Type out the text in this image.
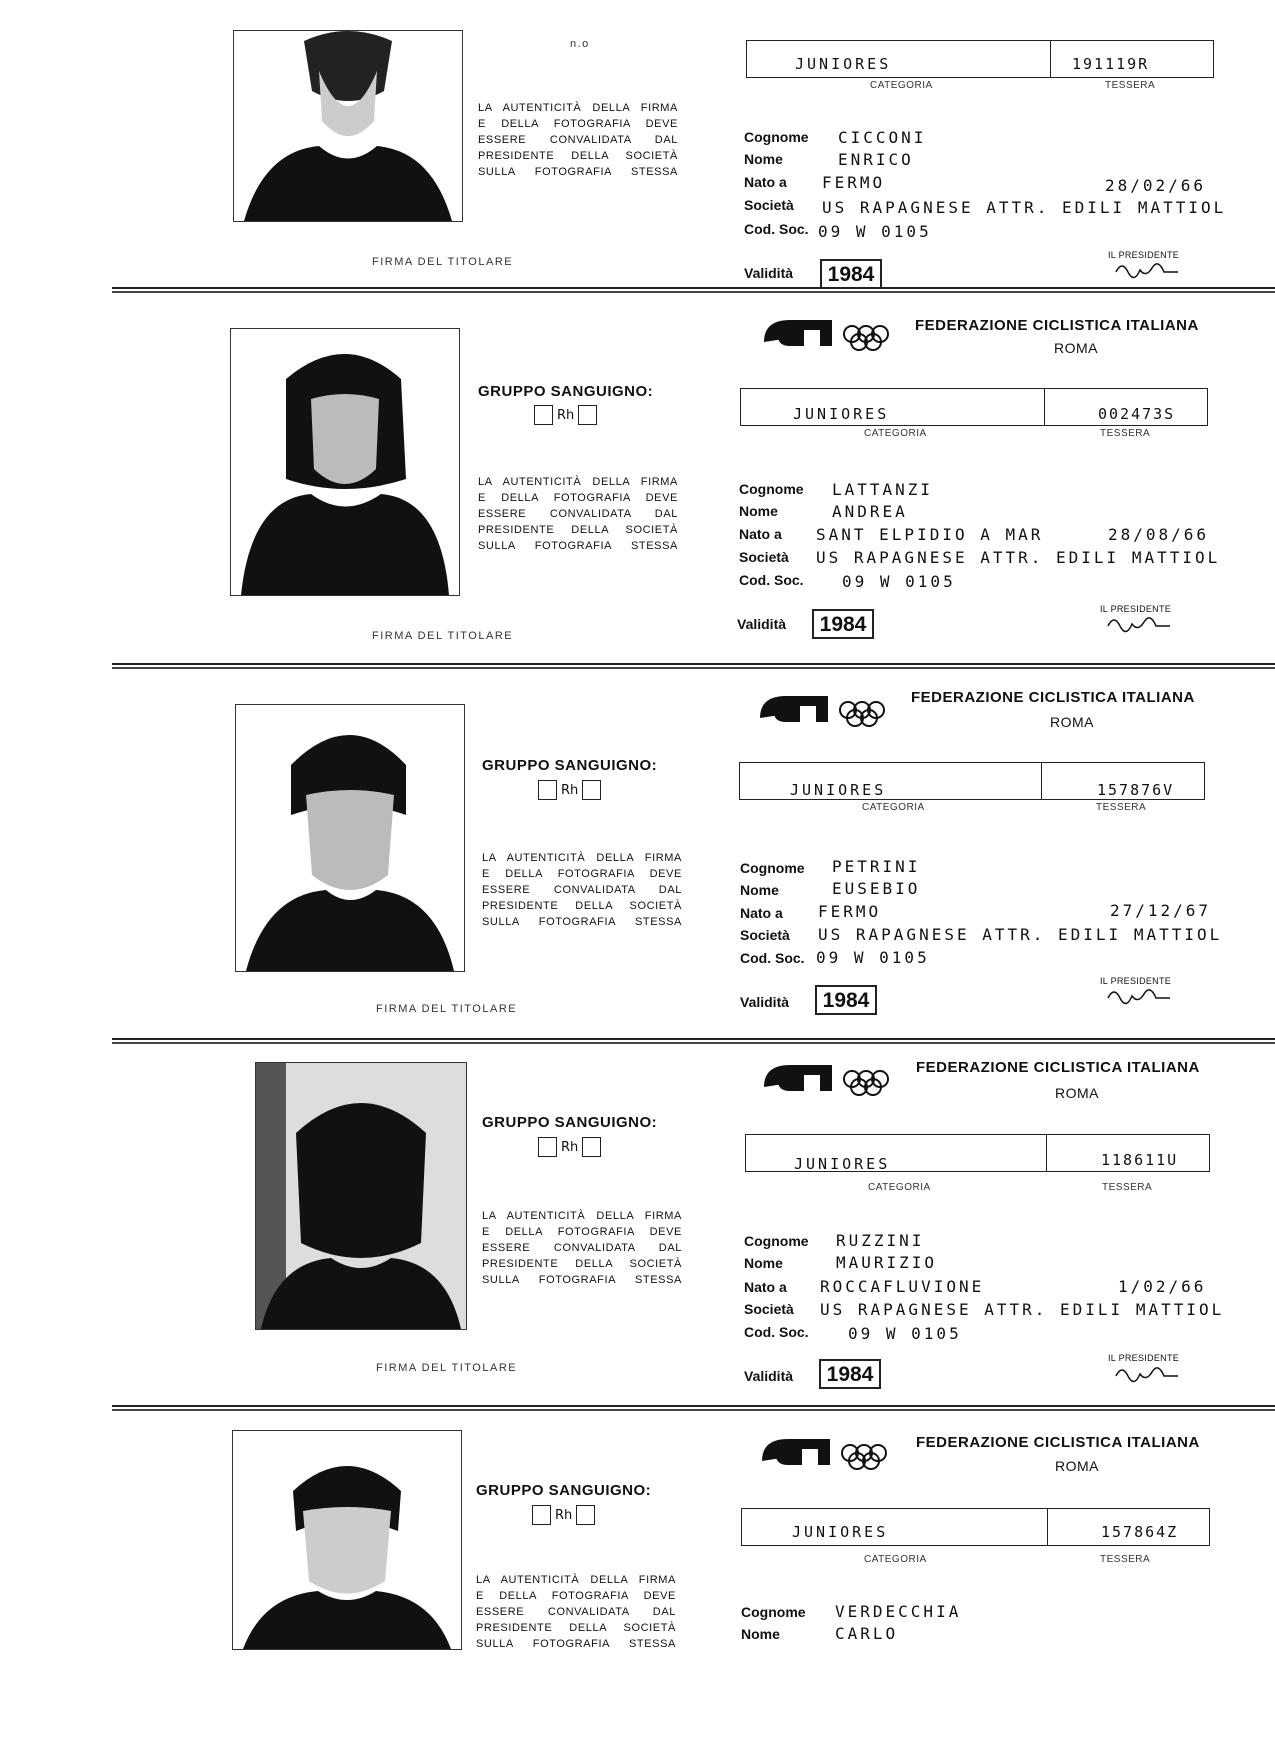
n.o
LA AUTENTICITÀ DELLA FIRMA
E DELLA FOTOGRAFIA DEVE
ESSERE CONVALIDATA DAL
PRESIDENTE DELLA SOCIETÀ
SULLA FOTOGRAFIA STESSA
FIRMA DEL TITOLARE
JUNIORES	191119R
CATEGORIA	TESSERA
Cognome CICCONI
Nome	ENRICO
Nato a FERMO	28/02/66
Società US RAPAGNESE ATTR. EDILI MATTIOL
Cod. Soc. 09 W 0105
Validità	1984
IL PRESIDENTE
GRUPPO SANGUIGNO:
Rh
LA AUTENTICITÀ DELLA FIRMA
E DELLA FOTOGRAFIA DEVE
ESSERE CONVALIDATA DAL
PRESIDENTE DELLA SOCIETÀ
SULLA FOTOGRAFIA STESSA
FIRMA DEL TITOLARE
FEDERAZIONE CICLISTICA ITALIANA
ROMA
JUNIORES	002473S
CATEGORIA	TESSERA
Cognome LATTANZI
Nome	ANDREA
Nato a SANT ELPIDIO A MAR	28/08/66
Società US RAPAGNESE ATTR. EDILI MATTIOL
Cod. Soc. 09 W 0105
Validità	1984
IL PRESIDENTE
GRUPPO SANGUIGNO:
Rh
LA AUTENTICITÀ DELLA FIRMA
E DELLA FOTOGRAFIA DEVE
ESSERE CONVALIDATA DAL
PRESIDENTE DELLA SOCIETÀ
SULLA FOTOGRAFIA STESSA
FIRMA DEL TITOLARE
FEDERAZIONE CICLISTICA ITALIANA
ROMA
JUNIORES	157876V
CATEGORIA	TESSERA
Cognome PETRINI
Nome	EUSEBIO
Nato a FERMO	27/12/67
Società US RAPAGNESE ATTR. EDILI MATTIOL
Cod. Soc. 09 W 0105
Validità	1984
IL PRESIDENTE
GRUPPO SANGUIGNO:
Rh
LA AUTENTICITÀ DELLA FIRMA
E DELLA FOTOGRAFIA DEVE
ESSERE CONVALIDATA DAL
PRESIDENTE DELLA SOCIETÀ
SULLA FOTOGRAFIA STESSA
FIRMA DEL TITOLARE
FEDERAZIONE CICLISTICA ITALIANA
ROMA
JUNIORES	118611U
CATEGORIA	TESSERA
Cognome RUZZINI
Nome	MAURIZIO
Nato a ROCCAFLUVIONE	1/02/66
Società US RAPAGNESE ATTR. EDILI MATTIOL
Cod. Soc. 09 W 0105
Validità	1984
IL PRESIDENTE
GRUPPO SANGUIGNO:
Rh
LA AUTENTICITÀ DELLA FIRMA
E DELLA FOTOGRAFIA DEVE
ESSERE CONVALIDATA DAL
PRESIDENTE DELLA SOCIETÀ
SULLA FOTOGRAFIA STESSA
FEDERAZIONE CICLISTICA ITALIANA
ROMA
JUNIORES	157864Z
CATEGORIA	TESSERA
Cognome VERDECCHIA
Nome	CARLO
